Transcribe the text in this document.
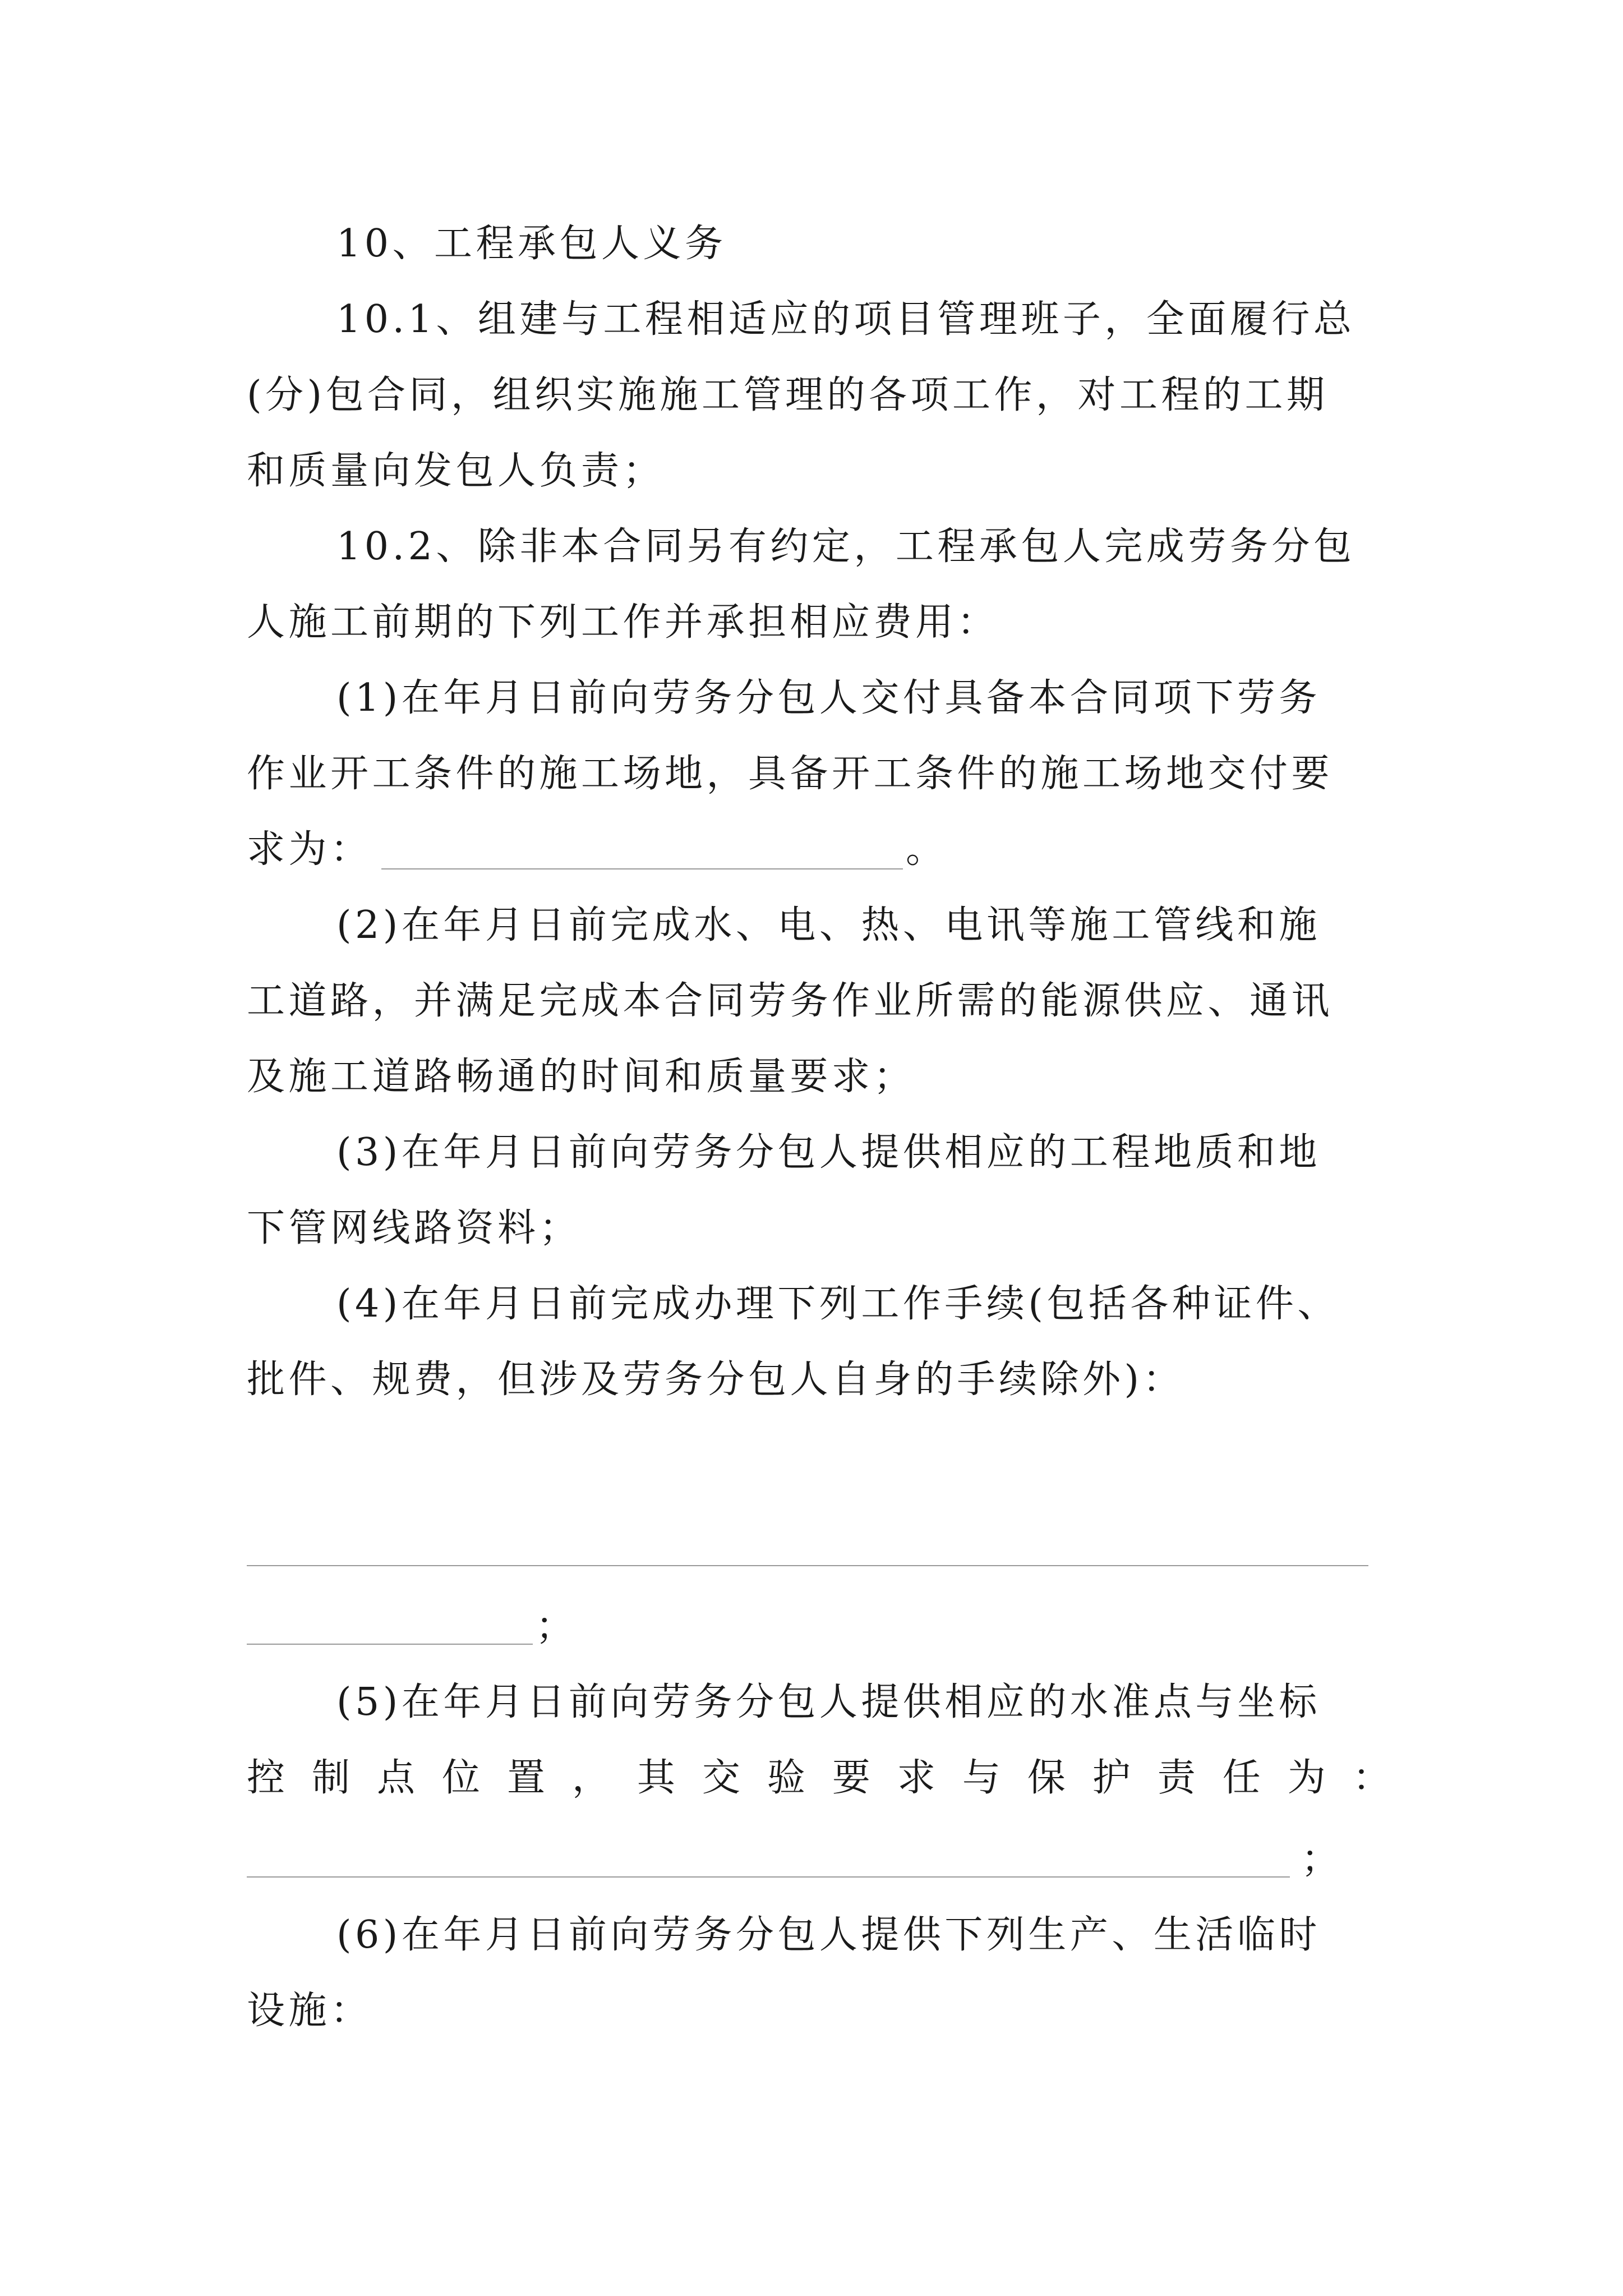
10、工程承包人义务
10.1、组建与工程相适应的项目管理班子，全面履行总
(分)包合同，组织实施施工管理的各项工作，对工程的工期
和质量向发包人负责；
10.2、除非本合同另有约定，工程承包人完成劳务分包
人施工前期的下列工作并承担相应费用：
(1)在年月日前向劳务分包人交付具备本合同项下劳务
作业开工条件的施工场地，具备开工条件的施工场地交付要
求为：	。
(2)在年月日前完成水、电、热、电讯等施工管线和施
工道路，并满足完成本合同劳务作业所需的能源供应、通讯
及施工道路畅通的时间和质量要求；
(3)在年月日前向劳务分包人提供相应的工程地质和地
下管网线路资料；
(4)在年月日前完成办理下列工作手续(包括各种证件、
批件、规费，但涉及劳务分包人自身的手续除外)：
；
(5)在年月日前向劳务分包人提供相应的水准点与坐标
控 制 点 位 置 ， 其 交 验 要 求 与 保 护 责 任 为 ：
；
(6)在年月日前向劳务分包人提供下列生产、生活临时
设施：
